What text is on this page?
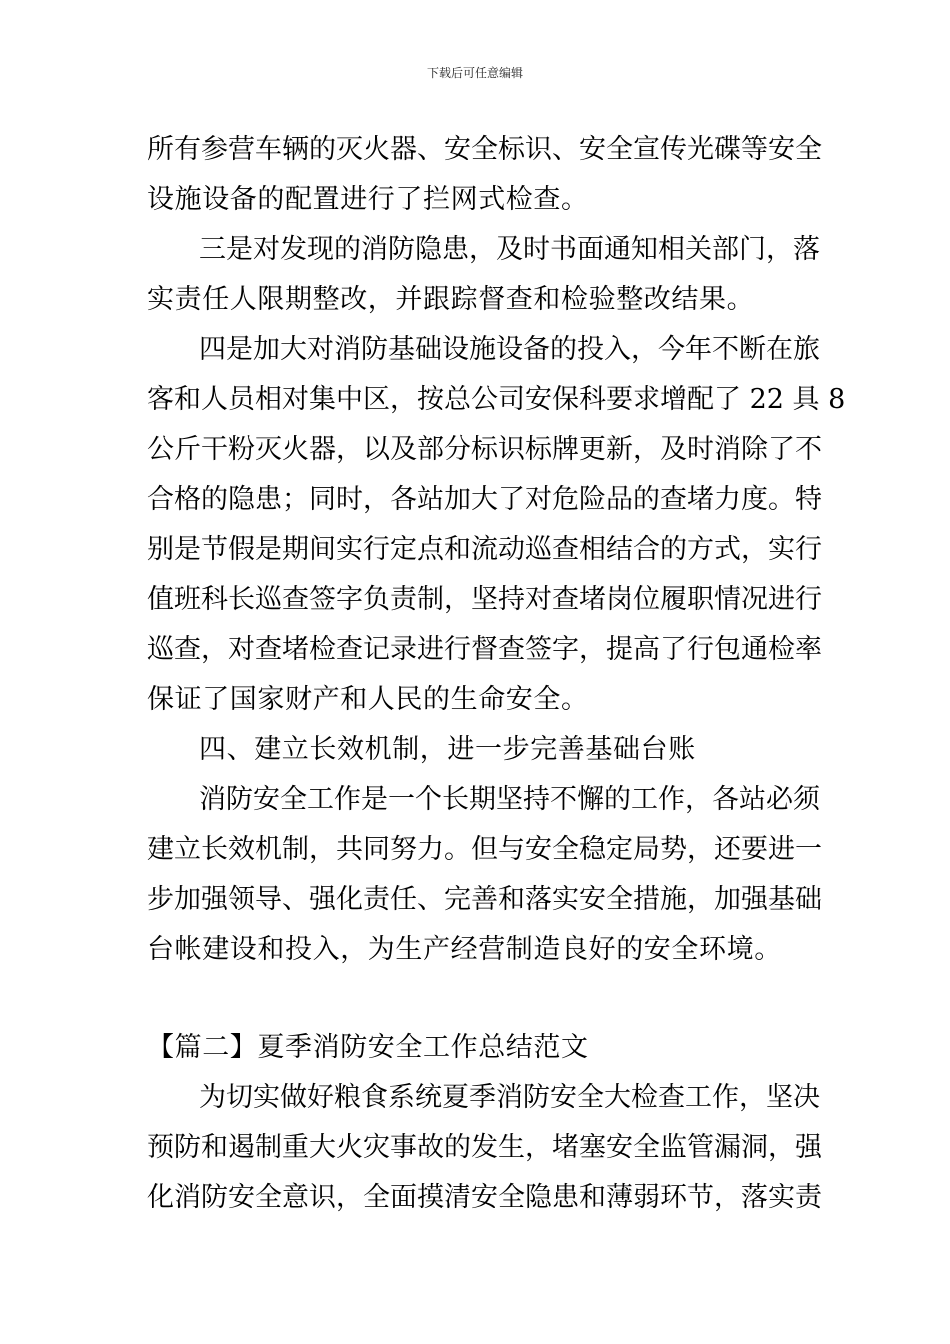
下载后可任意编辑
所有参营车辆的灭火器、安全标识、安全宣传光碟等安全
设施设备的配置进行了拦网式检查。
三是对发现的消防隐患，及时书面通知相关部门，落
实责任人限期整改，并跟踪督查和检验整改结果。
四是加大对消防基础设施设备的投入，今年不断在旅
客和人员相对集中区，按总公司安保科要求增配了 22 具 8
公斤干粉灭火器，以及部分标识标牌更新，及时消除了不
合格的隐患；同时，各站加大了对危险品的查堵力度。特
别是节假是期间实行定点和流动巡查相结合的方式，实行
值班科长巡查签字负责制，坚持对查堵岗位履职情况进行
巡查，对查堵检查记录进行督查签字，提高了行包通检率
保证了国家财产和人民的生命安全。
四、建立长效机制，进一步完善基础台账
消防安全工作是一个长期坚持不懈的工作，各站必须
建立长效机制，共同努力。但与安全稳定局势，还要进一
步加强领导、强化责任、完善和落实安全措施，加强基础
台帐建设和投入，为生产经营制造良好的安全环境。
【篇二】夏季消防安全工作总结范文
为切实做好粮食系统夏季消防安全大检查工作，坚决
预防和遏制重大火灾事故的发生，堵塞安全监管漏洞，强
化消防安全意识，全面摸清安全隐患和薄弱环节，落实责
